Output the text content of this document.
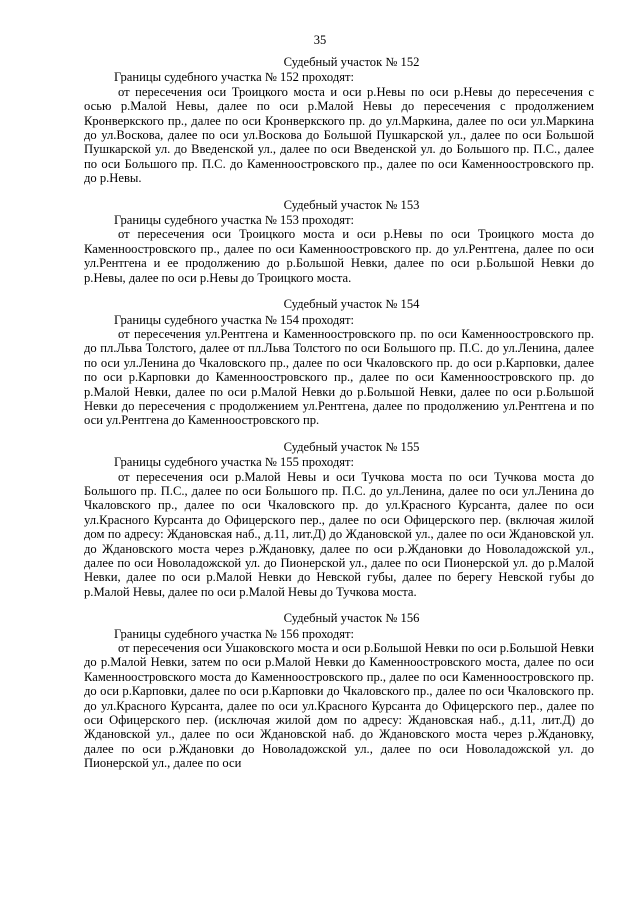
35

Судебный участок № 152

Границы судебного участка № 152 проходят:

от пересечения оси Троицкого моста и оси р.Невы по оси р.Невы до пересечения с осью р.Малой Невы, далее по оси р.Малой Невы до пересечения с продолжением Кронверкского пр., далее по оси Кронверкского пр. до ул.Маркина, далее по оси ул.Маркина до ул.Воскова, далее по оси ул.Воскова до Большой Пушкарской ул., далее по оси Большой Пушкарской ул. до Введенской ул., далее по оси Введенской ул. до Большого пр. П.С., далее по оси Большого пр. П.С. до Каменноостровского пр., далее по оси Каменноостровского пр. до р.Невы.

Судебный участок № 153

Границы судебного участка № 153 проходят:

от пересечения оси Троицкого моста и оси р.Невы по оси Троицкого моста до Каменноостровского пр., далее по оси Каменноостровского пр. до ул.Рентгена, далее по оси ул.Рентгена и ее продолжению до р.Большой Невки, далее по оси р.Большой Невки до р.Невы, далее по оси р.Невы до Троицкого моста.

Судебный участок № 154

Границы судебного участка № 154 проходят:

от пересечения ул.Рентгена и Каменноостровского пр. по оси Каменноостровского пр. до пл.Льва Толстого, далее от пл.Льва Толстого по оси Большого пр. П.С. до ул.Ленина, далее по оси ул.Ленина до Чкаловского пр., далее по оси Чкаловского пр. до оси р.Карповки, далее по оси р.Карповки до Каменноостровского пр., далее по оси Каменноостровского пр. до р.Малой Невки, далее по оси р.Малой Невки до р.Большой Невки, далее по оси р.Большой Невки до пересечения с продолжением ул.Рентгена, далее по продолжению ул.Рентгена и по оси ул.Рентгена до Каменноостровского пр.

Судебный участок № 155

Границы судебного участка № 155 проходят:

от пересечения оси р.Малой Невы и оси Тучкова моста по оси Тучкова моста до Большого пр. П.С., далее по оси Большого пр. П.С. до ул.Ленина, далее по оси ул.Ленина до Чкаловского пр., далее по оси Чкаловского пр. до ул.Красного Курсанта, далее по оси ул.Красного Курсанта до Офицерского пер., далее по оси Офицерского пер. (включая жилой дом по адресу: Ждановская наб., д.11, лит.Д) до Ждановской ул., далее по оси Ждановской ул. до Ждановского моста через р.Ждановку, далее по оси р.Ждановки до Новоладожской ул., далее по оси Новоладожской ул. до Пионерской ул., далее по оси Пионерской ул. до р.Малой Невки, далее по оси р.Малой Невки до Невской губы, далее по берегу Невской губы до р.Малой Невы, далее по оси р.Малой Невы до Тучкова моста.

Судебный участок № 156

Границы судебного участка № 156 проходят:

от пересечения оси Ушаковского моста и оси р.Большой Невки по оси р.Большой Невки до р.Малой Невки, затем по оси р.Малой Невки до Каменноостровского моста, далее по оси Каменноостровского моста до Каменноостровского пр., далее по оси Каменноостровского пр. до оси р.Карповки, далее по оси р.Карповки до Чкаловского пр., далее по оси Чкаловского пр. до ул.Красного Курсанта, далее по оси ул.Красного Курсанта до Офицерского пер., далее по оси Офицерского пер. (исключая жилой дом по адресу: Ждановская наб., д.11, лит.Д) до Ждановской ул., далее по оси Ждановской наб. до Ждановского моста через р.Ждановку, далее по оси р.Ждановки до Новоладожской ул., далее по оси Новоладожской ул. до Пионерской ул., далее по оси
